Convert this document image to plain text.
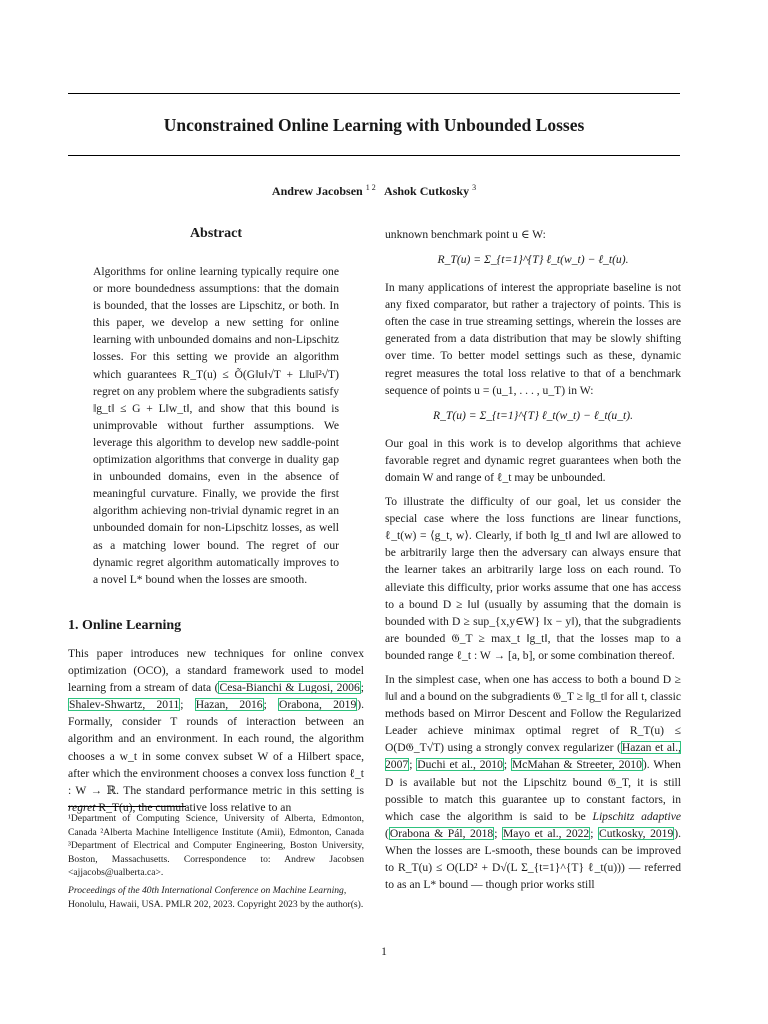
Unconstrained Online Learning with Unbounded Losses
Andrew Jacobsen $^{1 2}$ Ashok Cutkosky $^3$
Abstract
Algorithms for online learning typically require one or more boundedness assumptions: that the domain is bounded, that the losses are Lipschitz, or both. In this paper, we develop a new setting for online learning with unbounded domains and non-Lipschitz losses. For this setting we provide an algorithm which guarantees R_T(u) ≤ Õ(G‖u‖√T + L‖u‖²√T) regret on any problem where the subgradients satisfy ‖g_t‖ ≤ G + L‖w_t‖, and show that this bound is unimprovable without further assumptions. We leverage this algorithm to develop new saddle-point optimization algorithms that converge in duality gap in unbounded domains, even in the absence of meaningful curvature. Finally, we provide the first algorithm achieving non-trivial dynamic regret in an unbounded domain for non-Lipschitz losses, as well as a matching lower bound. The regret of our dynamic regret algorithm automatically improves to a novel L* bound when the losses are smooth.
1. Online Learning

This paper introduces new techniques for online convex optimization (OCO), a standard framework used to model learning from a stream of data (Cesa-Bianchi & Lugosi, 2006; Shalev-Shwartz, 2011; Hazan, 2016; Orabona, 2019). Formally, consider T rounds of interaction between an algorithm and an environment. In each round, the algorithm chooses a w_t in some convex subset W of a Hilbert space, after which the environment chooses a convex loss function ℓ_t : W → ℝ. The standard performance metric in this setting is regret R_T(u), the cumulative loss relative to an

¹Department of Computing Science, University of Alberta, Edmonton, Canada ²Alberta Machine Intelligence Institute (Amii), Edmonton, Canada ³Department of Electrical and Computer Engineering, Boston University, Boston, Massachusetts. Correspondence to: Andrew Jacobsen <ajjacobs@ualberta.ca>.
Proceedings of the 40th International Conference on Machine Learning, Honolulu, Hawaii, USA. PMLR 202, 2023. Copyright 2023 by the author(s).

unknown benchmark point u ∈ W:

R_T(u) = Σ_{t=1}^{T} ℓ_t(w_t) − ℓ_t(u).

In many applications of interest the appropriate baseline is not any fixed comparator, but rather a trajectory of points. This is often the case in true streaming settings, wherein the losses are generated from a data distribution that may be slowly shifting over time. To better model settings such as these, dynamic regret measures the total loss relative to that of a benchmark sequence of points u = (u_1, . . . , u_T) in W:

R_T(u) = Σ_{t=1}^{T} ℓ_t(w_t) − ℓ_t(u_t).

Our goal in this work is to develop algorithms that achieve favorable regret and dynamic regret guarantees when both the domain W and range of ℓ_t may be unbounded.

To illustrate the difficulty of our goal, let us consider the special case where the loss functions are linear functions, ℓ_t(w) = ⟨g_t, w⟩. Clearly, if both ‖g_t‖ and ‖w‖ are allowed to be arbitrarily large then the adversary can always ensure that the learner takes an arbitrarily large loss on each round. To alleviate this difficulty, prior works assume that one has access to a bound D ≥ ‖u‖ (usually by assuming that the domain is bounded with D ≥ sup_{x,y∈W} ‖x − y‖), that the subgradients are bounded 𝔊_T ≥ max_t ‖g_t‖, that the losses map to a bounded range ℓ_t : W → [a, b], or some combination thereof.

In the simplest case, when one has access to both a bound D ≥ ‖u‖ and a bound on the subgradients 𝔊_T ≥ ‖g_t‖ for all t, classic methods based on Mirror Descent and Follow the Regularized Leader achieve minimax optimal regret of R_T(u) ≤ O(D𝔊_T√T) using a strongly convex regularizer (Hazan et al., 2007; Duchi et al., 2010; McMahan & Streeter, 2010). When D is available but not the Lipschitz bound 𝔊_T, it is still possible to match this guarantee up to constant factors, in which case the algorithm is said to be Lipschitz adaptive (Orabona & Pál, 2018; Mayo et al., 2022; Cutkosky, 2019). When the losses are L-smooth, these bounds can be improved to R_T(u) ≤ O(LD² + D√(L Σ_{t=1}^{T} ℓ_t(u))) — referred to as an L* bound — though prior works still

1
